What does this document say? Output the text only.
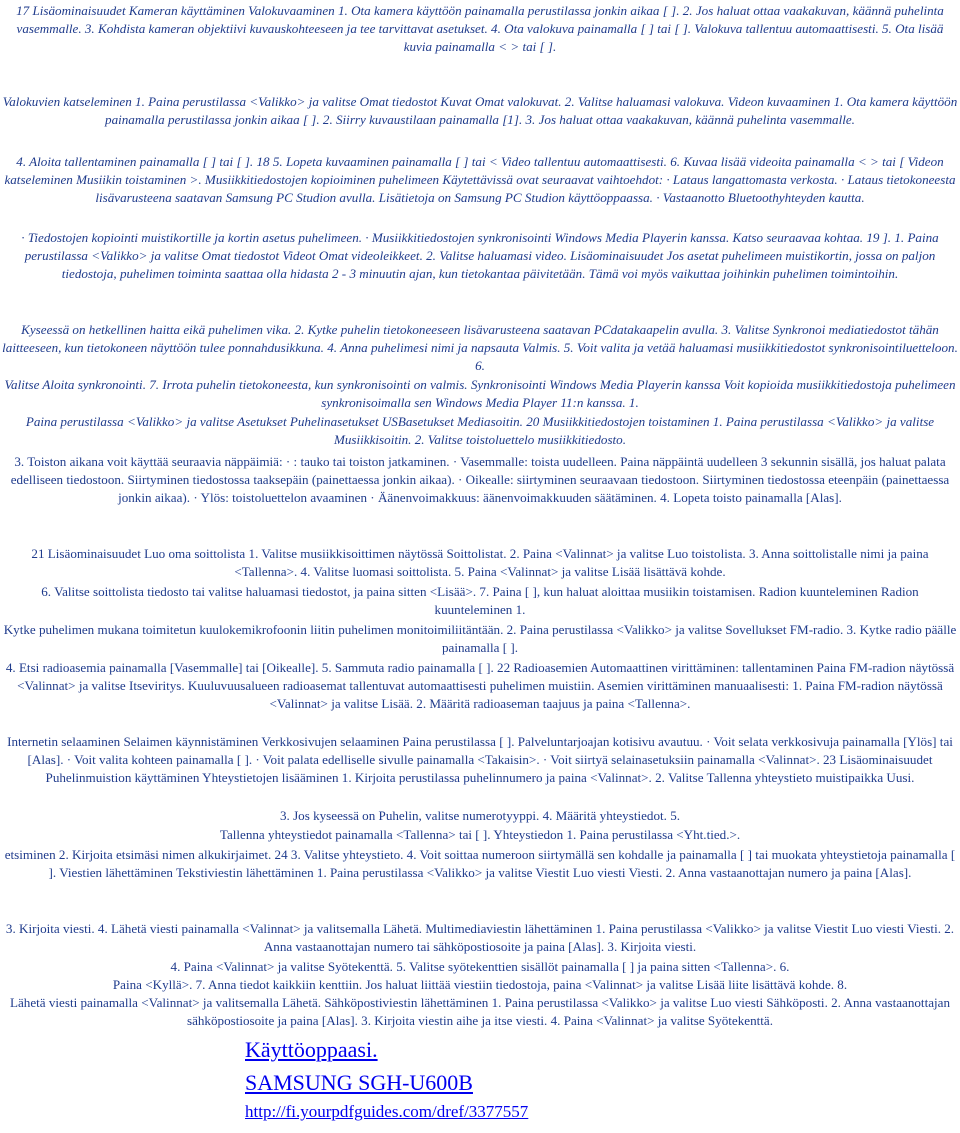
17 Lisäominaisuudet Kameran käyttäminen Valokuvaaminen 1. Ota kamera käyttöön painamalla perustilassa jonkin aikaa [ ]. 2. Jos haluat ottaa vaakakuvan, käännä puhelinta vasemmalle. 3. Kohdista kameran objektiivi kuvauskohteeseen ja tee tarvittavat asetukset. 4. Ota valokuva painamalla [ ] tai [ ]. Valokuva tallentuu automaattisesti. 5. Ota lisää kuvia painamalla < > tai [ ].

Valokuvien katseleminen 1. Paina perustilassa <Valikko> ja valitse Omat tiedostot Kuvat Omat valokuvat. 2. Valitse haluamasi valokuva. Videon kuvaaminen 1. Ota kamera käyttöön painamalla perustilassa jonkin aikaa [ ]. 2. Siirry kuvaustilaan painamalla [1]. 3. Jos haluat ottaa vaakakuvan, käännä puhelinta vasemmalle.

4. Aloita tallentaminen painamalla [ ] tai [ ]. 18 5. Lopeta kuvaaminen painamalla [ ] tai < Video tallentuu automaattisesti. 6. Kuvaa lisää videoita painamalla < > tai [ Videon katseleminen Musiikin toistaminen >. Musiikkitiedostojen kopioiminen puhelimeen Käytettävissä ovat seuraavat vaihtoehdot: · Lataus langattomasta verkosta. · Lataus tietokoneesta lisävarusteena saatavan Samsung PC Studion avulla. Lisätietoja on Samsung PC Studion käyttöoppaassa. · Vastaanotto Bluetoothyhteyden kautta.

· Tiedostojen kopiointi muistikortille ja kortin asetus puhelimeen. · Musiikkitiedostojen synkronisointi Windows Media Playerin kanssa. Katso seuraavaa kohtaa. 19 ]. 1. Paina perustilassa <Valikko> ja valitse Omat tiedostot Videot Omat videoleikkeet. 2. Valitse haluamasi video. Lisäominaisuudet Jos asetat puhelimeen muistikortin, jossa on paljon tiedostoja, puhelimen toiminta saattaa olla hidasta 2 - 3 minuutin ajan, kun tietokantaa päivitetään. Tämä voi myös vaikuttaa joihinkin puhelimen toimintoihin.

Kyseessä on hetkellinen haitta eikä puhelimen vika. 2. Kytke puhelin tietokoneeseen lisävarusteena saatavan PCdatakaapelin avulla. 3. Valitse Synkronoi mediatiedostot tähän laitteeseen, kun tietokoneen näyttöön tulee ponnahdusikkuna. 4. Anna puhelimesi nimi ja napsauta Valmis. 5. Voit valita ja vetää haluamasi musiikkitiedostot synkronisointiluetteloon. 6.

Valitse Aloita synkronointi. 7. Irrota puhelin tietokoneesta, kun synkronisointi on valmis. Synkronisointi Windows Media Playerin kanssa Voit kopioida musiikkitiedostoja puhelimeen synkronisoimalla sen Windows Media Player 11:n kanssa. 1.

Paina perustilassa <Valikko> ja valitse Asetukset Puhelinasetukset USBasetukset Mediasoitin. 20 Musiikkitiedostojen toistaminen 1. Paina perustilassa <Valikko> ja valitse Musiikkisoitin. 2. Valitse toistoluettelo musiikkitiedosto.

3. Toiston aikana voit käyttää seuraavia näppäimiä: · : tauko tai toiston jatkaminen. · Vasemmalle: toista uudelleen. Paina näppäintä uudelleen 3 sekunnin sisällä, jos haluat palata edelliseen tiedostoon. Siirtyminen tiedostossa taaksepäin (painettaessa jonkin aikaa). · Oikealle: siirtyminen seuraavaan tiedostoon. Siirtyminen tiedostossa eteenpäin (painettaessa jonkin aikaa). · Ylös: toistoluettelon avaaminen · Äänenvoimakkuus: äänenvoimakkuuden säätäminen. 4. Lopeta toisto painamalla [Alas].

21 Lisäominaisuudet Luo oma soittolista 1. Valitse musiikkisoittimen näytössä Soittolistat. 2. Paina <Valinnat> ja valitse Luo toistolista. 3. Anna soittolistalle nimi ja paina <Tallenna>. 4. Valitse luomasi soittolista. 5. Paina <Valinnat> ja valitse Lisää lisättävä kohde.

6. Valitse soittolista tiedosto tai valitse haluamasi tiedostot, ja paina sitten <Lisää>. 7. Paina [ ], kun haluat aloittaa musiikin toistamisen. Radion kuunteleminen Radion kuunteleminen 1.

Kytke puhelimen mukana toimitetun kuulokemikrofoonin liitin puhelimen monitoimiliitäntään. 2. Paina perustilassa <Valikko> ja valitse Sovellukset FM-radio. 3. Kytke radio päälle painamalla [ ].

4. Etsi radioasemia painamalla [Vasemmalle] tai [Oikealle]. 5. Sammuta radio painamalla [ ]. 22 Radioasemien Automaattinen virittäminen: tallentaminen Paina FM-radion näytössä <Valinnat> ja valitse Itseviritys. Kuuluvuusalueen radioasemat tallentuvat automaattisesti puhelimen muistiin. Asemien virittäminen manuaalisesti: 1. Paina FM-radion näytössä <Valinnat> ja valitse Lisää. 2. Määritä radioaseman taajuus ja paina <Tallenna>.

Internetin selaaminen Selaimen käynnistäminen Verkkosivujen selaaminen Paina perustilassa [ ]. Palveluntarjoajan kotisivu avautuu. · Voit selata verkkosivuja painamalla [Ylös] tai [Alas]. · Voit valita kohteen painamalla [ ]. · Voit palata edelliselle sivulle painamalla <Takaisin>. · Voit siirtyä selainasetuksiin painamalla <Valinnat>. 23 Lisäominaisuudet Puhelinmuistion käyttäminen Yhteystietojen lisääminen 1. Kirjoita perustilassa puhelinnumero ja paina <Valinnat>. 2. Valitse Tallenna yhteystieto muistipaikka Uusi.

3. Jos kyseessä on Puhelin, valitse numerotyyppi. 4. Määritä yhteystiedot. 5.

Tallenna yhteystiedot painamalla <Tallenna> tai [ ]. Yhteystiedon 1. Paina perustilassa <Yht.tied.>.

etsiminen 2. Kirjoita etsimäsi nimen alkukirjaimet. 24 3. Valitse yhteystieto. 4. Voit soittaa numeroon siirtymällä sen kohdalle ja painamalla [ ] tai muokata yhteystietoja painamalla [ ]. Viestien lähettäminen Tekstiviestin lähettäminen 1. Paina perustilassa <Valikko> ja valitse Viestit Luo viesti Viesti. 2. Anna vastaanottajan numero ja paina [Alas].

3. Kirjoita viesti. 4. Lähetä viesti painamalla <Valinnat> ja valitsemalla Lähetä. Multimediaviestin lähettäminen 1. Paina perustilassa <Valikko> ja valitse Viestit Luo viesti Viesti. 2. Anna vastaanottajan numero tai sähköpostiosoite ja paina [Alas]. 3. Kirjoita viesti.

4. Paina <Valinnat> ja valitse Syötekenttä. 5. Valitse syötekenttien sisällöt painamalla [ ] ja paina sitten <Tallenna>. 6.

Paina <Kyllä>. 7. Anna tiedot kaikkiin kenttiin. Jos haluat liittää viestiin tiedostoja, paina <Valinnat> ja valitse Lisää liite lisättävä kohde. 8.

Lähetä viesti painamalla <Valinnat> ja valitsemalla Lähetä. Sähköpostiviestin lähettäminen 1. Paina perustilassa <Valikko> ja valitse Luo viesti Sähköposti. 2. Anna vastaanottajan sähköpostiosoite ja paina [Alas]. 3. Kirjoita viestin aihe ja itse viesti. 4. Paina <Valinnat> ja valitse Syötekenttä.

Käyttöoppaasi.
SAMSUNG SGH-U600B
http://fi.yourpdfguides.com/dref/3377557
